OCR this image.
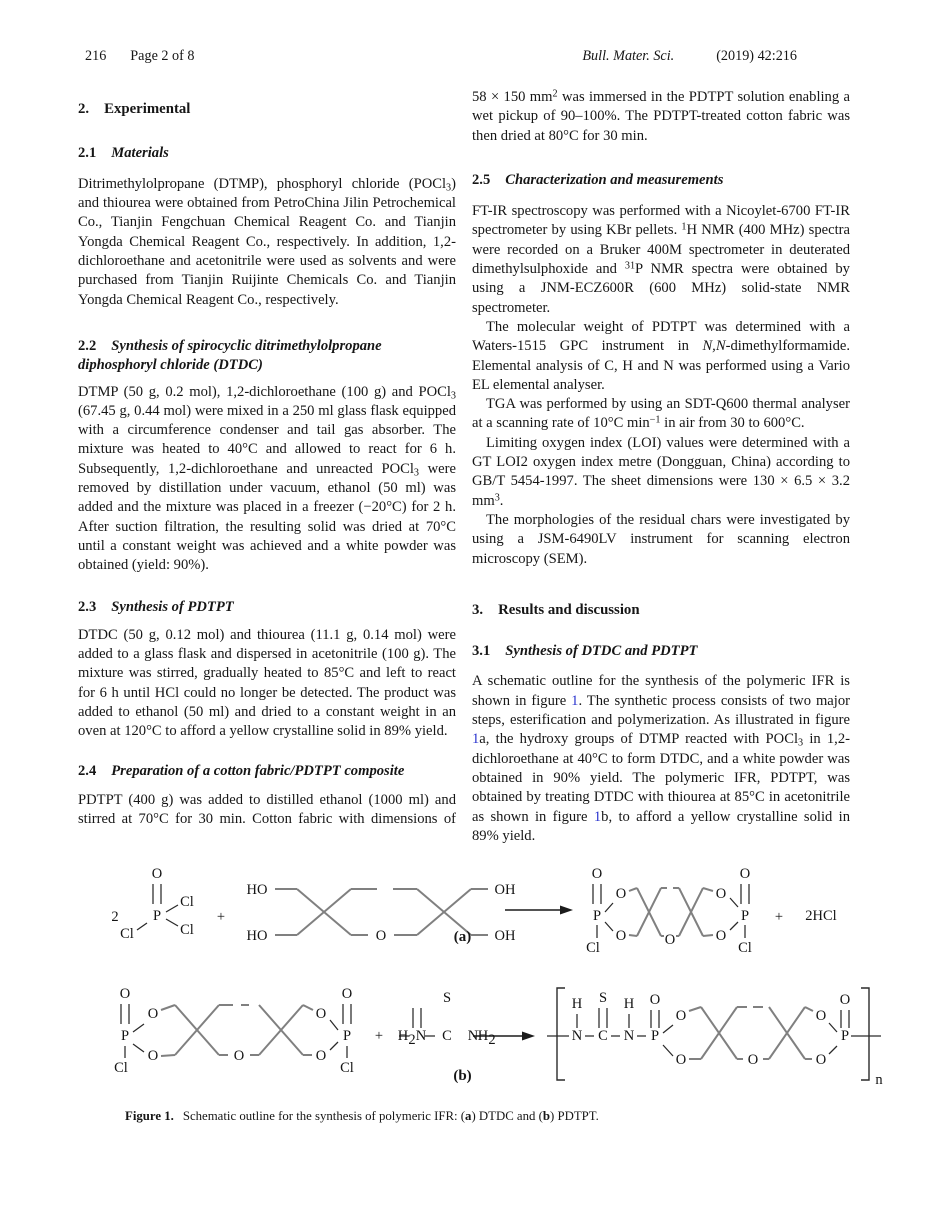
216 Page 2 of 8	Bull. Mater. Sci.	(2019) 42:216
2. Experimental
2.1 Materials

Ditrimethylolpropane (DTMP), phosphoryl chloride (POCl$_3$) and thiourea were obtained from PetroChina Jilin Petrochemical Co., Tianjin Fengchuan Chemical Reagent Co. and Tianjin Yongda Chemical Reagent Co., respectively. In addition, 1,2-dichloroethane and acetonitrile were used as solvents and were purchased from Tianjin Ruijinte Chemicals Co. and Tianjin Yongda Chemical Reagent Co., respectively.

2.2 Synthesis of spirocyclic ditrimethylolpropane diphosphoryl chloride (DTDC)

DTMP (50 g, 0.2 mol), 1,2-dichloroethane (100 g) and POCl$_3$ (67.45 g, 0.44 mol) were mixed in a 250 ml glass flask equipped with a circumference condenser and tail gas absorber. The mixture was heated to 40°C and allowed to react for 6 h. Subsequently, 1,2-dichloroethane and unreacted POCl$_3$ were removed by distillation under vacuum, ethanol (50 ml) was added and the mixture was placed in a freezer (−20°C) for 2 h. After suction filtration, the resulting solid was dried at 70°C until a constant weight was achieved and a white powder was obtained (yield: 90%).

2.3 Synthesis of PDTPT

DTDC (50 g, 0.12 mol) and thiourea (11.1 g, 0.14 mol) were added to a glass flask and dispersed in acetonitrile (100 g). The mixture was stirred, gradually heated to 85°C and left to react for 6 h until HCl could no longer be detected. The product was added to ethanol (50 ml) and dried to a constant weight in an oven at 120°C to afford a yellow crystalline solid in 89% yield.

2.4 Preparation of a cotton fabric/PDTPT composite

PDTPT (400 g) was added to distilled ethanol (1000 ml) and stirred at 70°C for 30 min. Cotton fabric with dimensions of

58 × 150 $mm^2$ was immersed in the PDTPT solution enabling a wet pickup of 90–100%. The PDTPT-treated cotton fabric was then dried at 80°C for 30 min.

2.5 Characterization and measurements

FT-IR spectroscopy was performed with a Nicoylet-6700 FT-IR spectrometer by using KBr pellets. $^1$H NMR (400 MHz) spectra were recorded on a Bruker 400M spectrometer in deuterated dimethylsulphoxide and $^{31}$P NMR spectra were obtained by using a JNM-ECZ600R (600 MHz) solid-state NMR spectrometer.

The molecular weight of PDTPT was determined with a Waters-1515 GPC instrument in N,N-dimethylformamide. Elemental analysis of C, H and N was performed using a Vario EL elemental analyser.

TGA was performed by using an SDT-Q600 thermal analyser at a scanning rate of 10°C $\min^{-1}$ in air from 30 to 600°C.

Limiting oxygen index (LOI) values were determined with a GT LOI2 oxygen index metre (Dongguan, China) according to GB/T 5454-1997. The sheet dimensions were 130 × 6.5 × 3.2 $mm^3$.

The morphologies of the residual chars were investigated by using a JSM-6490LV instrument for scanning electron microscopy (SEM).

3. Results and discussion
3.1 Synthesis of DTDC and PDTPT

A schematic outline for the synthesis of the polymeric IFR is shown in figure 1. The synthetic process consists of two major steps, esterification and polymerization. As illustrated in figure 1a, the hydroxy groups of DTMP reacted with POCl$_3$ in 1,2-dichloroethane at 40°C to form DTDC, and a white powder was obtained in 90% yield. The polymeric IFR, PDTPT, was obtained by treating DTDC with thiourea at 85°C in acetonitrile as shown in figure 1b, to afford a yellow crystalline solid in 89% yield.

2 P
O
Cl
Cl
Cl
+
HO
HO	O
OH
OH
P
O
Cl
O
O	O
O
O
P
O
Cl
+ 2HCl
(a)
P
O
Cl
O
O	O
O
O
P
O
Cl
+ H 2 N C
S
N H 2	N
H
C
S
N
H
P
O
O
O	O
O
O
P
O
n
(b)
Figure 1. Schematic outline for the synthesis of polymeric IFR: (a) DTDC and (b) PDTPT.
